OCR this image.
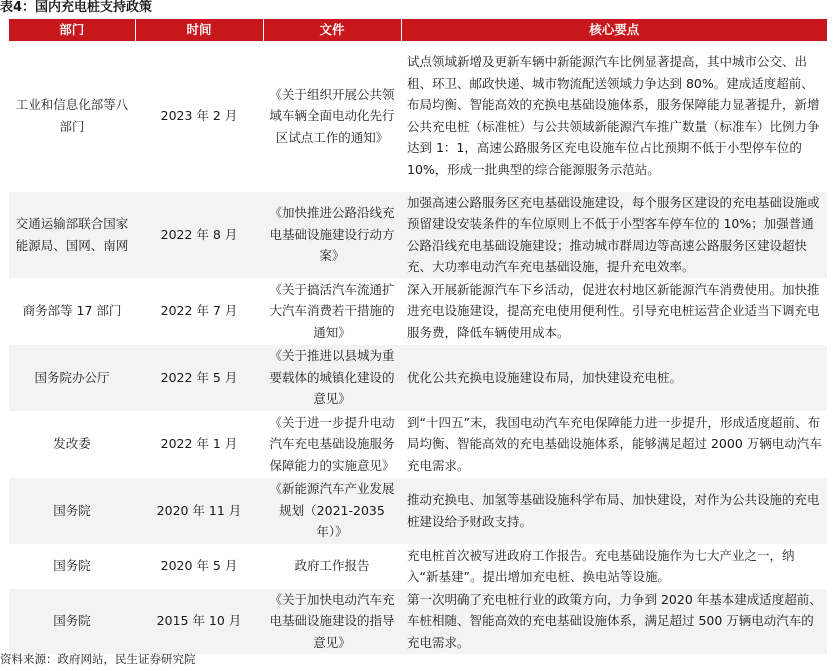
表4：国内充电桩支持政策
部门	时间	文件	核心要点
工业和信息化部等八部门	2023 年 2 月	《关于组织开展公共领域车辆全面电动化先行区试点工作的通知》	试点领域新增及更新车辆中新能源汽车比例显著提高，其中城市公交、出租、环卫、邮政快递、城市物流配送领域力争达到 80%。建成适度超前、布局均衡、智能高效的充换电基础设施体系，服务保障能力显著提升，新增公共充电桩（标准桩）与公共领域新能源汽车推广数量（标准车）比例力争达到 1：1，高速公路服务区充电设施车位占比预期不低于小型停车位的 10%，形成一批典型的综合能源服务示范站。
交通运输部联合国家能源局、国网、南网	2022 年 8 月	《加快推进公路沿线充电基础设施建设行动方案》	加强高速公路服务区充电基础设施建设，每个服务区建设的充电基础设施或预留建设安装条件的车位原则上不低于小型客车停车位的 10%；加强普通公路沿线充电基础设施建设；推动城市群周边等高速公路服务区建设超快充、大功率电动汽车充电基础设施，提升充电效率。
商务部等 17 部门	2022 年 7 月	《关于搞活汽车流通扩大汽车消费若干措施的通知》	深入开展新能源汽车下乡活动，促进农村地区新能源汽车消费使用。加快推进充电设施建设，提高充电使用便利性。引导充电桩运营企业适当下调充电服务费，降低车辆使用成本。
国务院办公厅	2022 年 5 月	《关于推进以县城为重要载体的城镇化建设的意见》	优化公共充换电设施建设布局，加快建设充电桩。
发改委	2022 年 1 月	《关于进一步提升电动汽车充电基础设施服务保障能力的实施意见》	到“十四五”末，我国电动汽车充电保障能力进一步提升，形成适度超前、布局均衡、智能高效的充电基础设施体系，能够满足超过 2000 万辆电动汽车充电需求。
国务院	2020 年 11 月	《新能源汽车产业发展规划（2021-2035 年）》	推动充换电、加氢等基础设施科学布局、加快建设，对作为公共设施的充电桩建设给予财政支持。
国务院	2020 年 5 月	政府工作报告	充电桩首次被写进政府工作报告。充电基础设施作为七大产业之一，纳入“新基建”。提出增加充电桩、换电站等设施。
国务院	2015 年 10 月	《关于加快电动汽车充电基础设施建设的指导意见》	第一次明确了充电桩行业的政策方向，力争到 2020 年基本建成适度超前、车桩相随、智能高效的充电基础设施体系，满足超过 500 万辆电动汽车的充电需求。
资料来源：政府网站，民生证券研究院
